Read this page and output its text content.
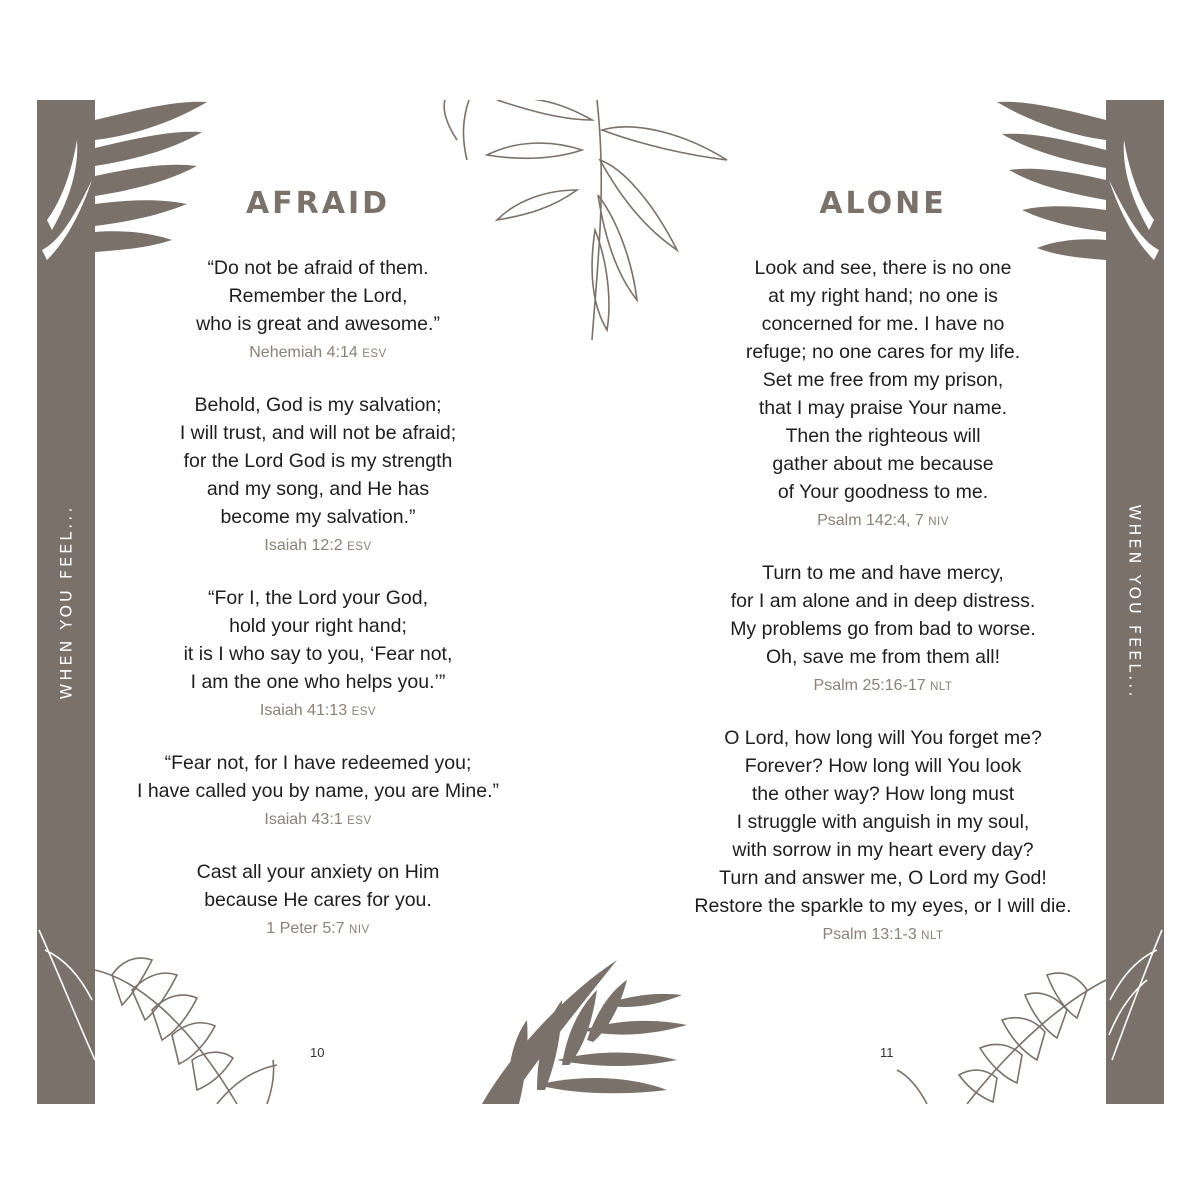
WHEN YOU FEEL...	WHEN YOU FEEL...
AFRAID
“Do not be afraid of them.
Remember the Lord,
who is great and awesome.”
Nehemiah 4:14 ESV
Behold, God is my salvation;
I will trust, and will not be afraid;
for the Lord God is my strength
and my song, and He has
become my salvation.”
Isaiah 12:2 ESV
“For I, the Lord your God,
hold your right hand;
it is I who say to you, ‘Fear not,
I am the one who helps you.’”
Isaiah 41:13 ESV
“Fear not, for I have redeemed you;
I have called you by name, you are Mine.”
Isaiah 43:1 ESV
Cast all your anxiety on Him
because He cares for you.
1 Peter 5:7 NIV
10
ALONE
Look and see, there is no one
at my right hand; no one is
concerned for me. I have no
refuge; no one cares for my life.
Set me free from my prison,
that I may praise Your name.
Then the righteous will
gather about me because
of Your goodness to me.
Psalm 142:4, 7 NIV
Turn to me and have mercy,
for I am alone and in deep distress.
My problems go from bad to worse.
Oh, save me from them all!
Psalm 25:16-17 NLT
O Lord, how long will You forget me?
Forever? How long will You look
the other way? How long must
I struggle with anguish in my soul,
with sorrow in my heart every day?
Turn and answer me, O Lord my God!
Restore the sparkle to my eyes, or I will die.
Psalm 13:1-3 NLT
11
